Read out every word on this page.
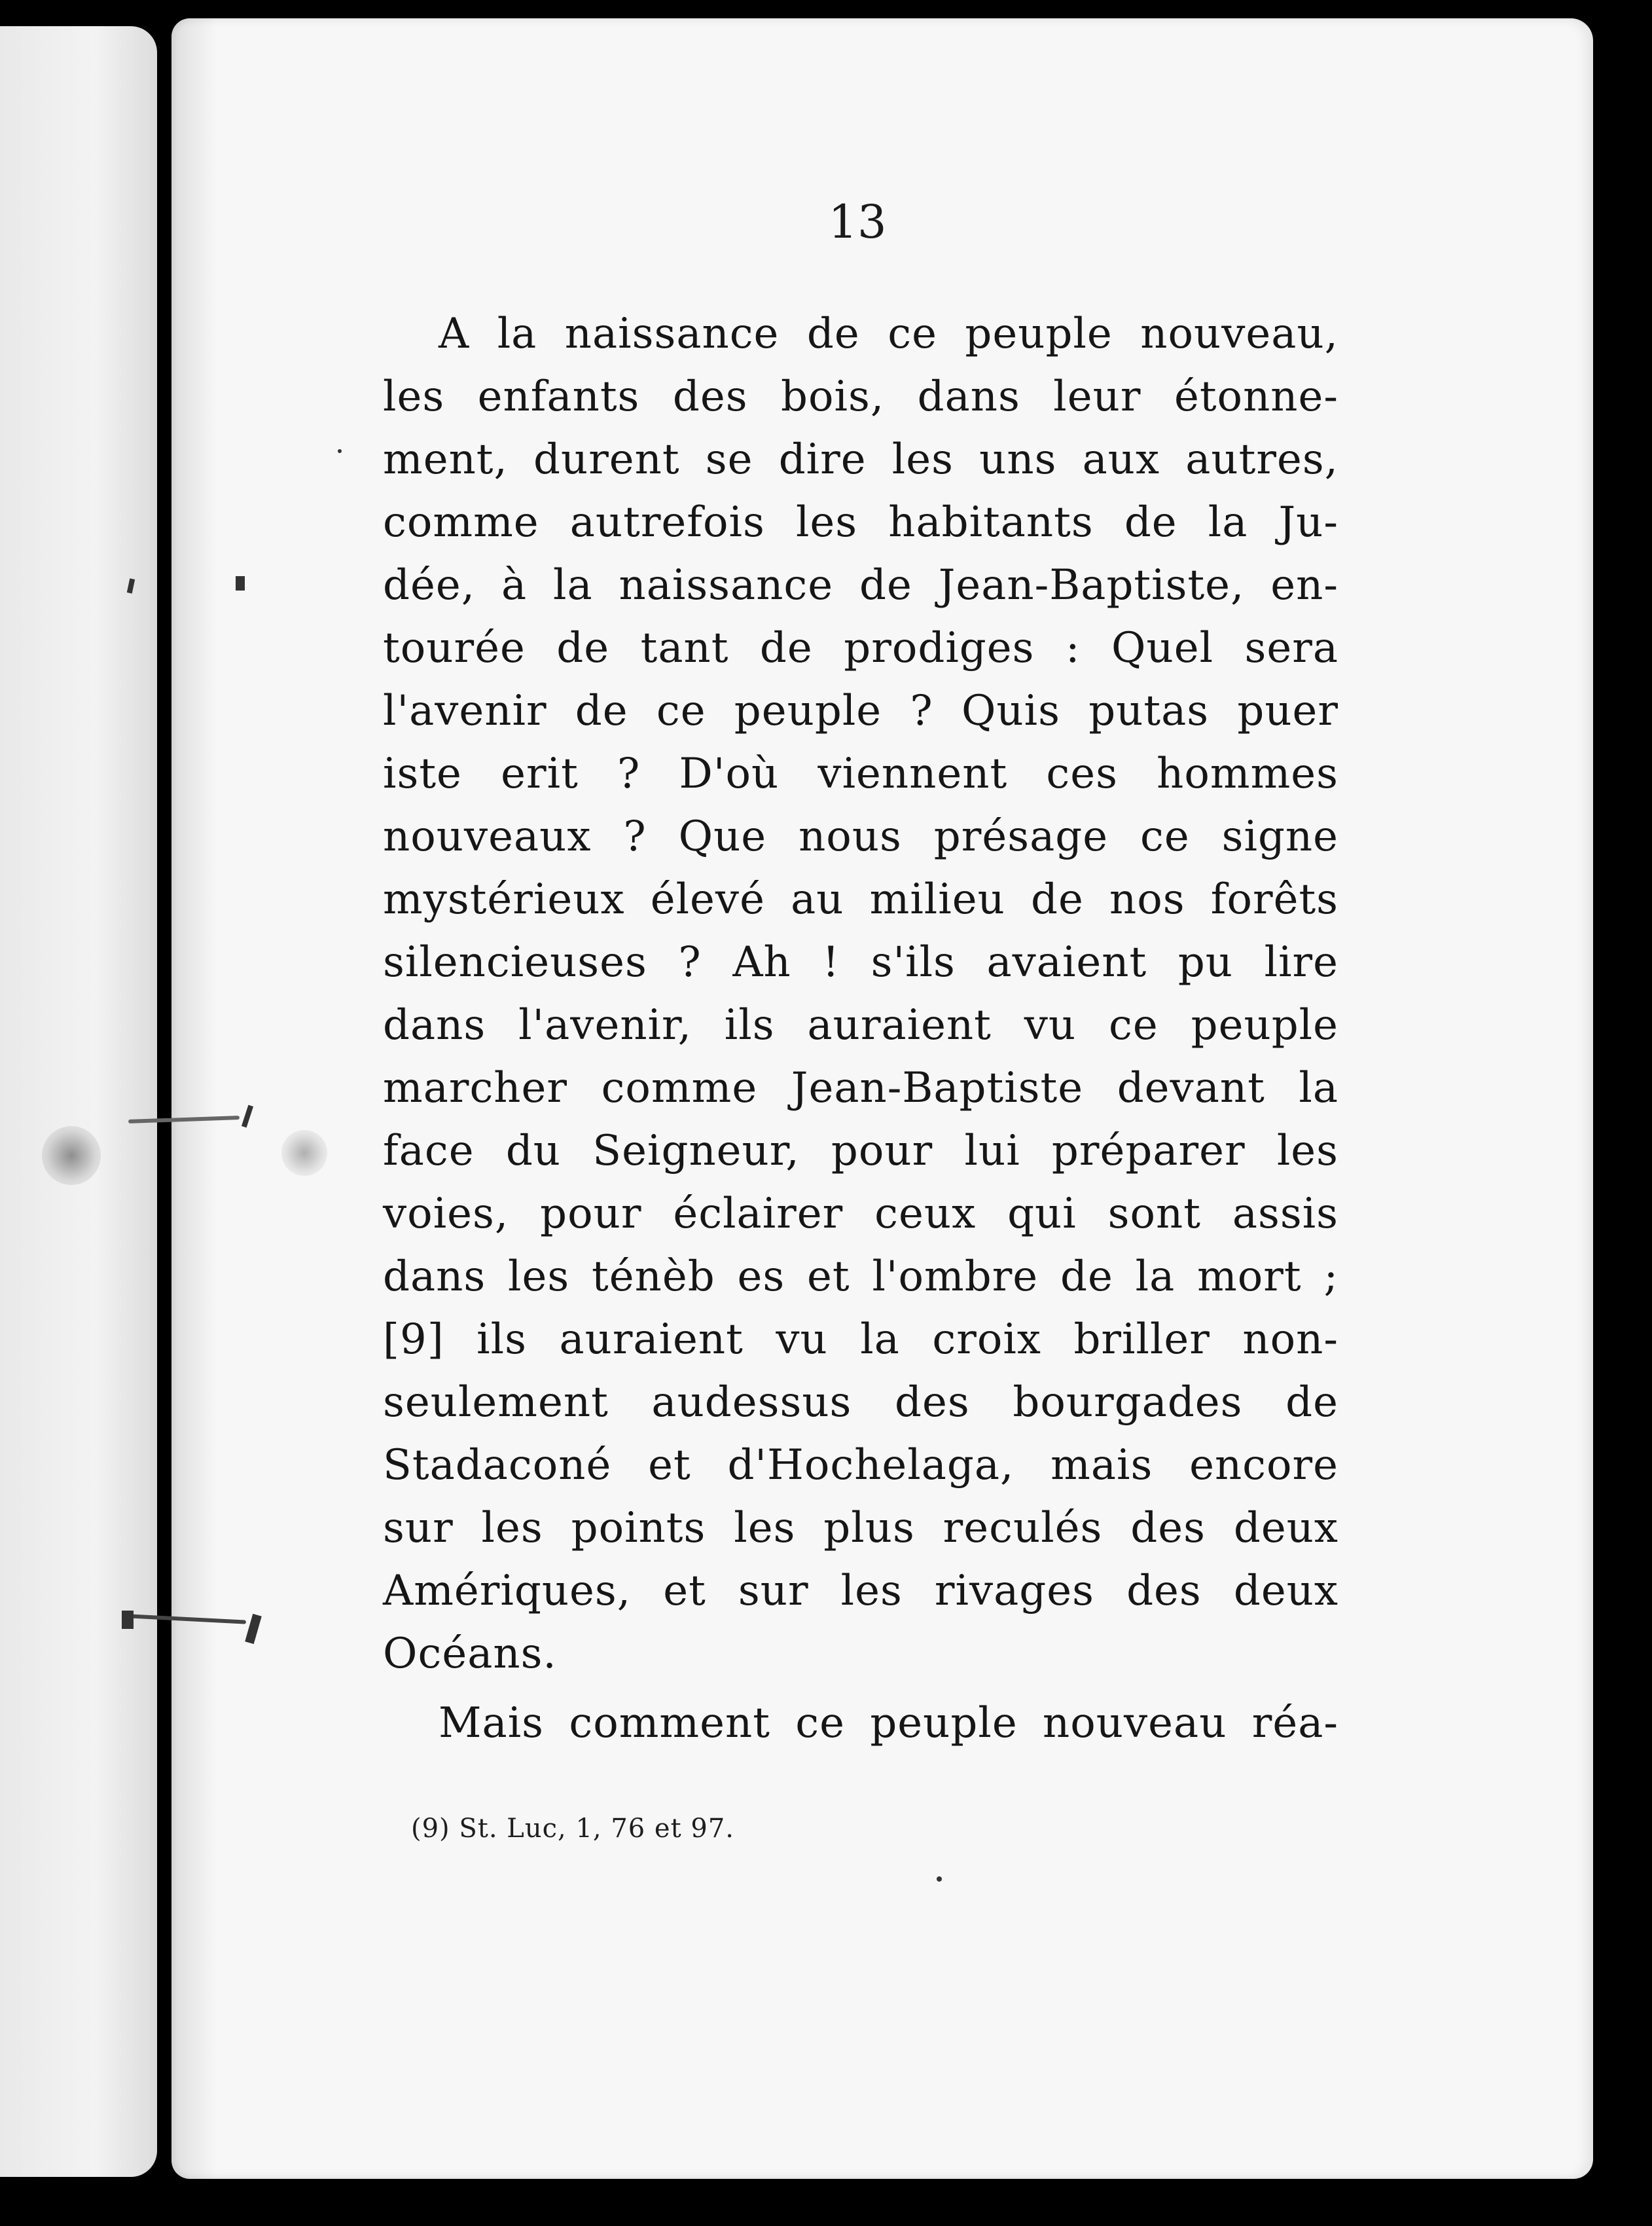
13

A la naissance de ce peuple nouveau,
les enfants des bois, dans leur étonne-
ment, durent se dire les uns aux autres,
comme autrefois les habitants de la Ju-
dée, à la naissance de Jean-Baptiste, en-
tourée de tant de prodiges : Quel sera
l'avenir de ce peuple ? Quis putas puer
iste erit ? D'où viennent ces hommes
nouveaux ? Que nous présage ce signe
mystérieux élevé au milieu de nos forêts
silencieuses ? Ah ! s'ils avaient pu lire
dans l'avenir, ils auraient vu ce peuple
marcher comme Jean-Baptiste devant la
face du Seigneur, pour lui préparer les
voies, pour éclairer ceux qui sont assis
dans les ténèb es et l'ombre de la mort ;
[9] ils auraient vu la croix briller non-
seulement audessus des bourgades de
Stadaconé et d'Hochelaga, mais encore
sur les points les plus reculés des deux
Amériques, et sur les rivages des deux
Océans.
Mais comment ce peuple nouveau réa-

(9) St. Luc, 1, 76 et 97.
